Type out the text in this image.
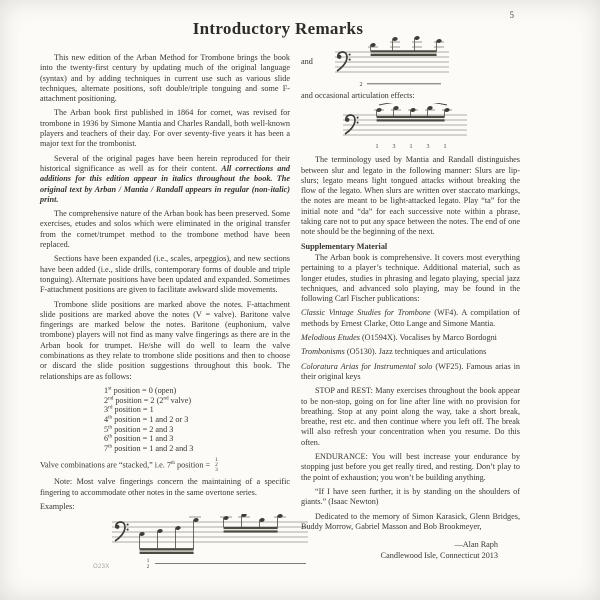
5
Introductory Remarks

This new edition of the Arban Method for Trombone brings the book into the twenty-first century by updating much of the original language (syntax) and by adding techniques in current use such as various slide techniques, alternate positions, soft double/triple tonguing and some F-attachment positioning.

The Arban book first published in 1864 for cornet, was revised for trombone in 1936 by Simone Mantia and Charles Randall, both well-known players and teachers of their day. For over seventy-five years it has been a major text for the trombonist.

Several of the original pages have been herein reproduced for their historical significance as well as for their content. All corrections and additions for this edition appear in italics throughout the book. The original text by Arban / Mantia / Randall appears in regular (non-italic) print.

The comprehensive nature of the Arban book has been preserved. Some exercises, etudes and solos which were eliminated in the original transfer from the cornet/trumpet method to the trombone method have been replaced.

Sections have been expanded (i.e., scales, arpeggios), and new sections have been added (i.e., slide drills, contemporary forms of double and triple tonguing). Alternate positions have been updated and expanded. Sometimes F-attachment positions are given to facilitate awkward slide movements.

Trombone slide positions are marked above the notes. F-attachment slide positions are marked above the notes (V = valve). Baritone valve fingerings are marked below the notes. Baritone (euphonium, valve trombone) players will not find as many valve fingerings as there are in the Arban book for trumpet. He/she will do well to learn the valve combinations as they relate to trombone slide positions and then to choose or discard the slide position suggestions throughout this book. The relationships are as follows:

1st position = 0 (open)
2nd position = 2 (2nd valve)
3rd position = 1
4th position = 1 and 2 or 3
5th position = 2 and 3
6th position = 1 and 3
7th position = 1 and 2 and 3
Valve combinations are “stacked,” i.e. 7th position =
1
2
3

Note: Most valve fingerings concern the maintaining of a specific fingering to accommodate other notes in the same overtone series.

Examples:

1
2
and
2

and occasional articulation effects:

1 3 1 3 1

The terminology used by Mantia and Randall distinguishes between slur and legato in the following manner: Slurs are lip-slurs; legato means light tongued attacks without breaking the flow of the legato. When slurs are written over staccato markings, the notes are meant to be light-attacked legato. Play “ta” for the initial note and “da” for each successive note within a phrase, taking care not to put any space between the notes. The end of one note should be the beginning of the next.

Supplementary Material

The Arban book is comprehensive. It covers most everything pertaining to a player’s technique. Additional material, such as longer etudes, studies in phrasing and legato playing, special jazz techniques, and advanced solo playing, may be found in the following Carl Fischer publications:

Classic Vintage Studies for Trombone (WF4). A compilation of methods by Ernest Clarke, Otto Lange and Simone Mantia.

Melodious Etudes (O1594X). Vocalises by Marco Bordogni

Trombonisms (O5130). Jazz techniques and articulations

Coloratura Arias for Instrumental solo (WF25). Famous arias in their original keys

STOP and REST: Many exercises throughout the book appear to be non-stop, going on for line after line with no provision for breathing. Stop at any point along the way, take a short break, breathe, rest etc. and then continue where you left off. The break will also refresh your concentration when you resume. Do this often.

ENDURANCE: You will best increase your endurance by stopping just before you get really tired, and resting. Don’t play to the point of exhaustion; you won’t be building anything.

“If I have seen further, it is by standing on the shoulders of giants.” (Isaac Newton)

Dedicated to the memory of Simon Karasick, Glenn Bridges, Buddy Morrow, Gabriel Masson and Bob Brookmeyer,

—Alan Raph
Candlewood Isle, Connecticut 2013
O23X
